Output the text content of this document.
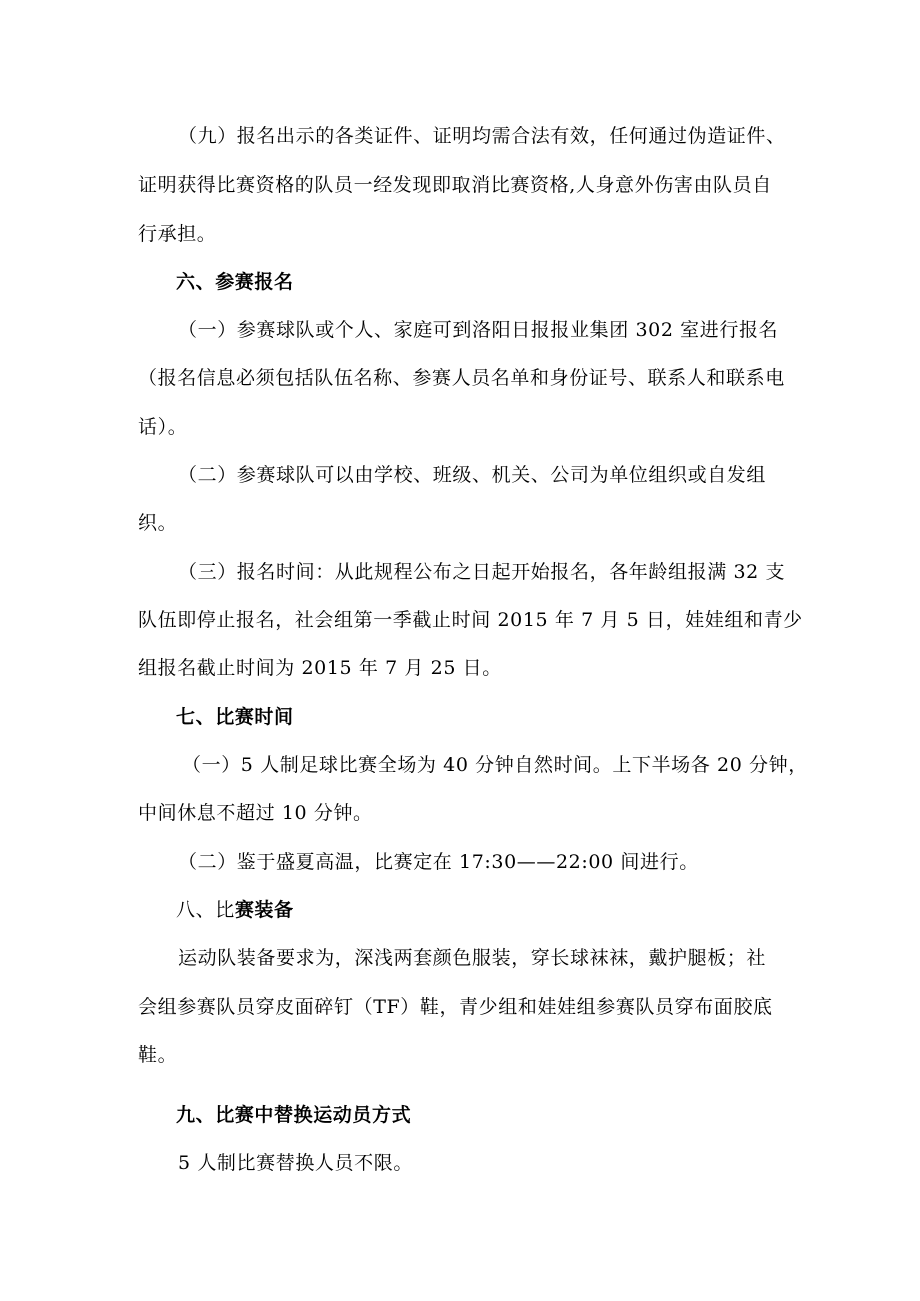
（九）报名出示的各类证件、证明均需合法有效，任何通过伪造证件、
证明获得比赛资格的队员一经发现即取消比赛资格,人身意外伤害由队员自
行承担。
六、参赛报名
（一）参赛球队或个人、家庭可到洛阳日报报业集团 302 室进行报名
（报名信息必须包括队伍名称、参赛人员名单和身份证号、联系人和联系电
话）。
（二）参赛球队可以由学校、班级、机关、公司为单位组织或自发组
织。
（三）报名时间：从此规程公布之日起开始报名，各年龄组报满 32 支
队伍即停止报名，社会组第一季截止时间 2015 年 7 月 5 日，娃娃组和青少
组报名截止时间为 2015 年 7 月 25 日。
七、比赛时间
（一）5 人制足球比赛全场为 40 分钟自然时间。上下半场各 20 分钟，
中间休息不超过 10 分钟。
（二）鉴于盛夏高温，比赛定在 17:30——22:00 间进行。
八、比赛装备
运动队装备要求为，深浅两套颜色服装，穿长球袜袜，戴护腿板；社
会组参赛队员穿皮面碎钉（TF）鞋，青少组和娃娃组参赛队员穿布面胶底
鞋。
九、比赛中替换运动员方式
5 人制比赛替换人员不限。
